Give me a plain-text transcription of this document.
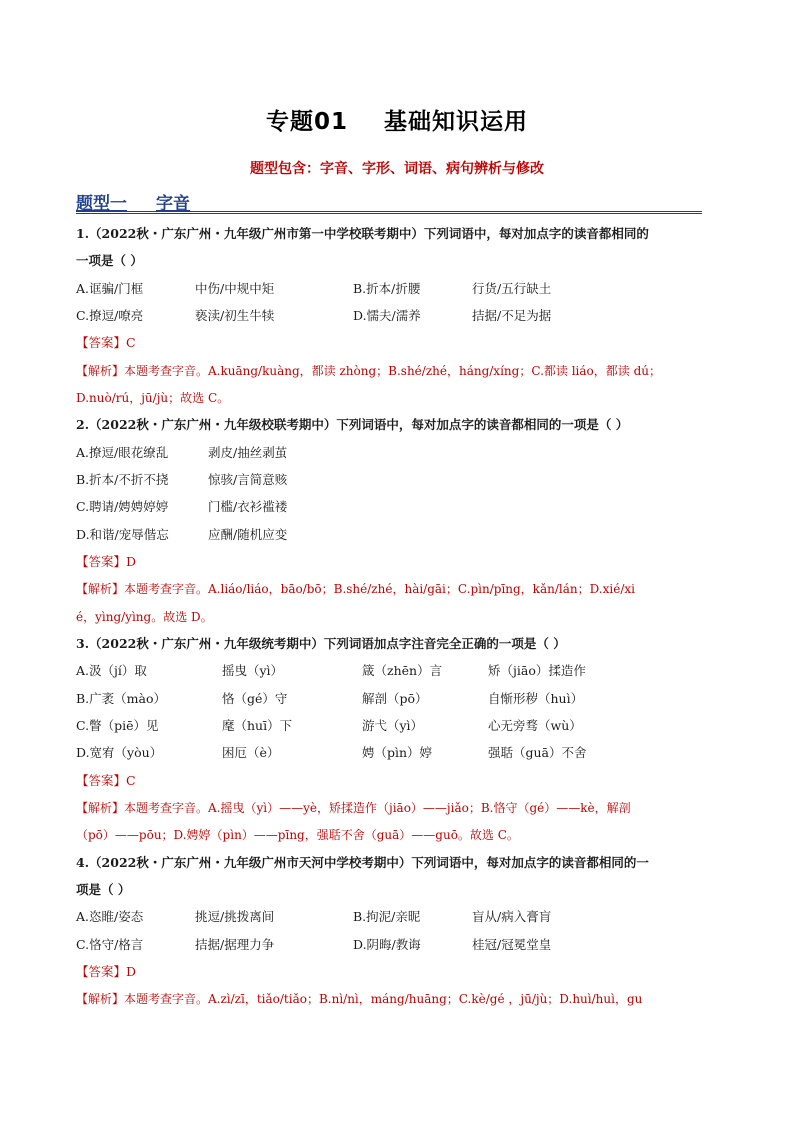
专题01    基础知识运用
题型包含：字音、字形、词语、病句辨析与修改
题型一 字音
1.（2022秋・广东广州・九年级广州市第一中学校联考期中）下列词语中，每对加点字的读音都相同的
一项是（ ）
A.诓骗/门框	中伤/中规中矩	B.折本/折腰	行货/五行缺土
C.撩逗/嘹亮	亵渎/初生牛犊	D.懦夫/濡养	拮据/不足为据
【答案】C
【解析】本题考查字音。A.kuāng/kuàng，都读 zhòng；B.shé/zhé，háng/xíng；C.都读 liáo，都读 dú；
D.nuò/rú，jū/jù；故选 C。
2.（2022秋・广东广州・九年级校联考期中）下列词语中，每对加点字的读音都相同的一项是（ ）
A.撩逗/眼花缭乱	剥皮/抽丝剥茧
B.折本/不折不挠	惊骇/言简意赅
C.聘请/娉娉婷婷	门槛/衣衫褴褛
D.和谐/宠辱偕忘	应酬/随机应变
【答案】D
【解析】本题考查字音。A.liáo/liáo，bāo/bō；B.shé/zhé，hài/gāi；C.pìn/pīng，kǎn/lán；D.xié/xi
é，yìng/yìng。故选 D。
3.（2022秋・广东广州・九年级统考期中）下列词语加点字注音完全正确的一项是（ ）
A.汲（jí）取	摇曳（yì）	箴（zhēn）言	矫（jiāo）揉造作
B.广袤（mào）	恪（gé）守	解剖（pō）	自惭形秽（huì）
C.瞥（piē）见	麾（huī）下	游弋（yì）	心无旁骛（wù）
D.宽宥（yòu）	困厄（è）	娉（pìn）婷	强聒（guā）不舍
【答案】C
【解析】本题考查字音。A.摇曳（yì）——yè，矫揉造作（jiāo）——jiǎo；B.恪守（gé）——kè，解剖
（pō）——pōu；D.娉婷（pìn）——pīng，强聒不舍（guā）——guō。故选 C。
4.（2022秋・广东广州・九年级广州市天河中学校考期中）下列词语中，每对加点字的读音都相同的一
项是（ ）
A.恣睢/姿态	挑逗/挑拨离间	B.拘泥/亲昵	盲从/病入膏肓
C.恪守/格言	拮据/据理力争	D.阴晦/教诲	桂冠/冠冕堂皇
【答案】D
【解析】本题考查字音。A.zì/zī，tiǎo/tiǎo；B.nì/nì，máng/huāng；C.kè/gé ，jū/jù；D.huì/huì，gu
